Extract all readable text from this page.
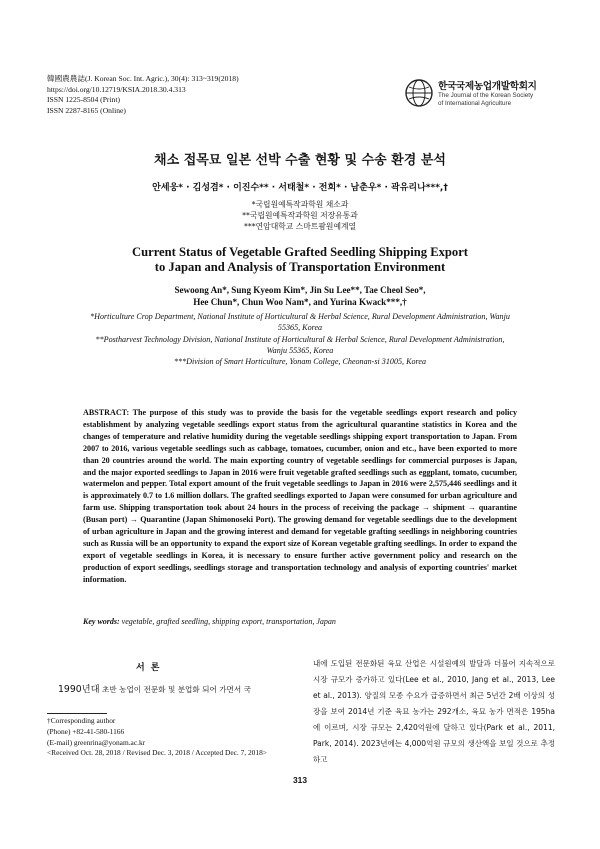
韓國農農誌(J. Korean Soc. Int. Agric.), 30(4): 313~319(2018)
https://doi.org/10.12719/KSIA.2018.30.4.313
ISSN 1225-8504 (Print)
ISSN 2287-8165 (Online)
한국국제농업개발학회지
The Journal of the Korean Society
of International Agriculture
채소 접목묘 일본 선박 수출 현황 및 수송 환경 분석
안세웅* · 김성겸* · 이진수** · 서태철* · 전희* · 남춘우* · 곽유리나***,†
*국립원예특작과학원 채소과
**국립원예특작과학원 저장유통과
***연암대학교 스마트팜원예계열
Current Status of Vegetable Grafted Seedling Shipping Export
to Japan and Analysis of Transportation Environment
Sewoong An*, Sung Kyeom Kim*, Jin Su Lee**, Tae Cheol Seo*,
Hee Chun*, Chun Woo Nam*, and Yurina Kwack***,†
*Horticulture Crop Department, National Institute of Horticultural & Herbal Science, Rural Development Administration, Wanju 55365, Korea
**Postharvest Technology Division, National Institute of Horticultural & Herbal Science, Rural Development Administration, Wanju 55365, Korea
***Division of Smart Horticulture, Yonam College, Cheonan-si 31005, Korea
ABSTRACT: The purpose of this study was to provide the basis for the vegetable seedlings export research and policy establishment by analyzing vegetable seedlings export status from the agricultural quarantine statistics in Korea and the changes of temperature and relative humidity during the vegetable seedlings shipping export transportation to Japan. From 2007 to 2016, various vegetable seedlings such as cabbage, tomatoes, cucumber, onion and etc., have been exported to more than 20 countries around the world. The main exporting country of vegetable seedlings for commercial purposes is Japan, and the major exported seedlings to Japan in 2016 were fruit vegetable grafted seedlings such as eggplant, tomato, cucumber, watermelon and pepper. Total export amount of the fruit vegetable seedlings to Japan in 2016 were 2,575,446 seedlings and it is approximately 0.7 to 1.6 million dollars. The grafted seedlings exported to Japan were consumed for urban agriculture and farm use. Shipping transportation took about 24 hours in the process of receiving the package → shipment → quarantine (Busan port) → Quarantine (Japan Shimonoseki Port). The growing demand for vegetable seedlings due to the development of urban agriculture in Japan and the growing interest and demand for vegetable grafting seedlings in neighboring countries such as Russia will be an opportunity to expand the export size of Korean vegetable grafting seedlings. In order to expand the export of vegetable seedlings in Korea, it is necessary to ensure further active government policy and research on the production of export seedlings, seedlings storage and transportation technology and analysis of exporting countries' market information.
Key words: vegetable, grafted seedling, shipping export, transportation, Japan
서론
1990년대 초반 농업이 전문화 및 분업화 되어 가면서 국
†Corresponding author
(Phone) +82-41-580-1166
(E-mail) greenrina@yonam.ac.kr
<Received Oct. 28, 2018 / Revised Dec. 3, 2018 / Accepted Dec. 7, 2018>
내에 도입된 전문화된 육묘 산업은 시설원예의 발달과 더불어 지속적으로 시장 규모가 증가하고 있다(Lee et al., 2010, Jang et al., 2013, Lee et al., 2013). 양질의 모종 수요가 급증하면서 최근 5년간 2배 이상의 성장을 보여 2014년 기준 육묘 농가는 292개소, 육묘 농가 면적은 195ha에 이르며, 시장 규모는 2,420억원에 달하고 있다(Park et al., 2011, Park, 2014). 2023년에는 4,000억원 규모의 생산액을 보일 것으로 추정하고
313
